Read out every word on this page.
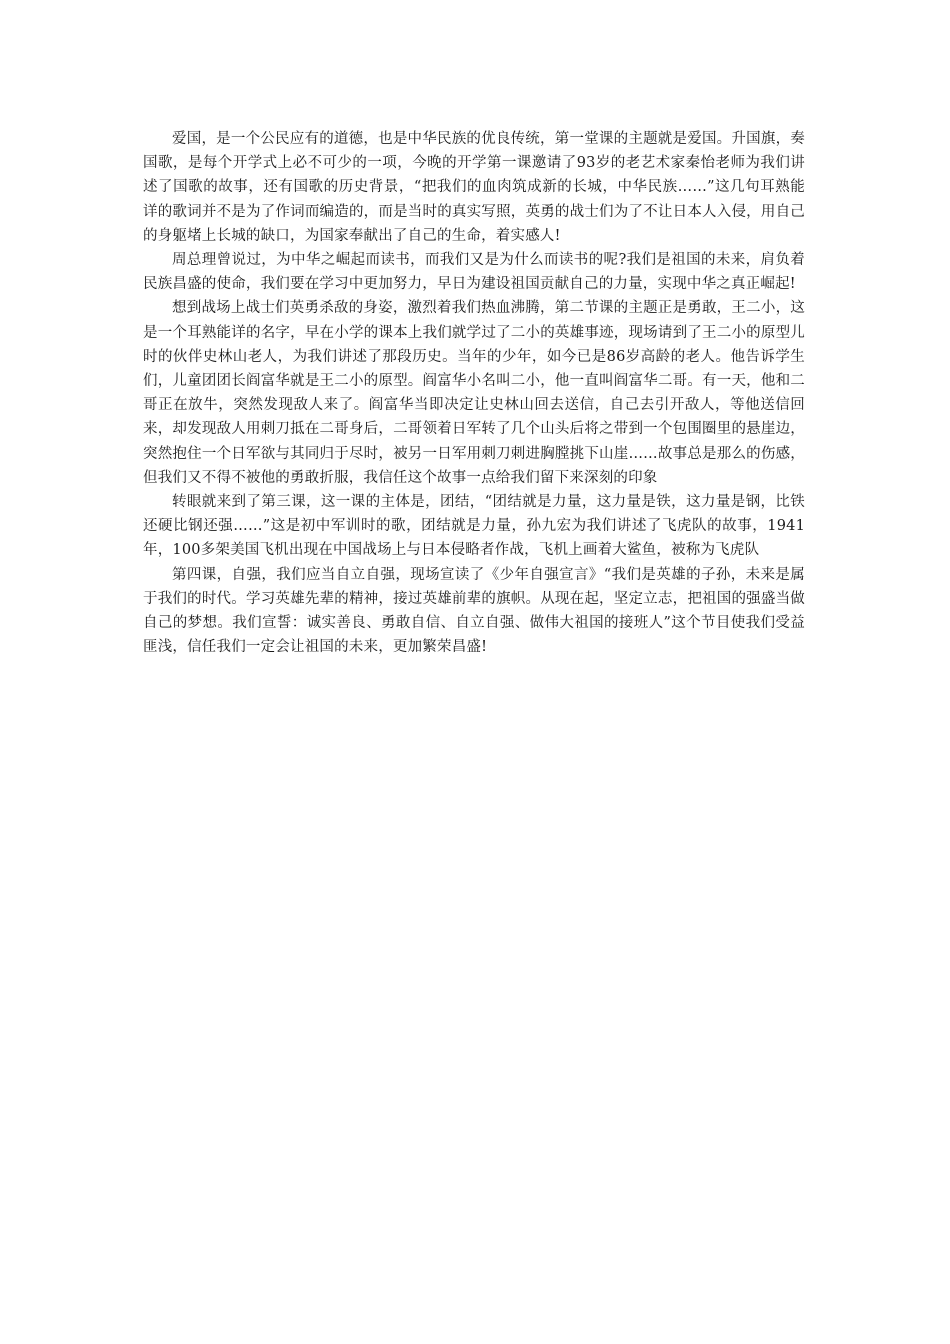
爱国，是一个公民应有的道德，也是中华民族的优良传统，第一堂课的主题就是爱国。升国旗，奏国歌，是每个开学式上必不可少的一项，今晚的开学第一课邀请了93岁的老艺术家秦怡老师为我们讲述了国歌的故事，还有国歌的历史背景，“把我们的血肉筑成新的长城，中华民族……”这几句耳熟能详的歌词并不是为了作词而编造的，而是当时的真实写照，英勇的战士们为了不让日本人入侵，用自己的身躯堵上长城的缺口，为国家奉献出了自己的生命，着实感人!

周总理曾说过，为中华之崛起而读书，而我们又是为什么而读书的呢?我们是祖国的未来，肩负着民族昌盛的使命，我们要在学习中更加努力，早日为建设祖国贡献自己的力量，实现中华之真正崛起!

想到战场上战士们英勇杀敌的身姿，激烈着我们热血沸腾，第二节课的主题正是勇敢，王二小，这是一个耳熟能详的名字，早在小学的课本上我们就学过了二小的英雄事迹，现场请到了王二小的原型儿时的伙伴史林山老人，为我们讲述了那段历史。当年的少年，如今已是86岁高龄的老人。他告诉学生们，儿童团团长阎富华就是王二小的原型。阎富华小名叫二小，他一直叫阎富华二哥。有一天，他和二哥正在放牛，突然发现敌人来了。阎富华当即决定让史林山回去送信，自己去引开敌人，等他送信回来，却发现敌人用刺刀抵在二哥身后，二哥领着日军转了几个山头后将之带到一个包围圈里的悬崖边，突然抱住一个日军欲与其同归于尽时，被另一日军用刺刀刺进胸膛挑下山崖……故事总是那么的伤感，但我们又不得不被他的勇敢折服，我信任这个故事一点给我们留下来深刻的印象

转眼就来到了第三课，这一课的主体是，团结，“团结就是力量，这力量是铁，这力量是钢，比铁还硬比钢还强……”这是初中军训时的歌，团结就是力量，孙九宏为我们讲述了飞虎队的故事，1941年，100多架美国飞机出现在中国战场上与日本侵略者作战，飞机上画着大鲨鱼，被称为飞虎队

第四课，自强，我们应当自立自强，现场宣读了《少年自强宣言》“我们是英雄的子孙，未来是属于我们的时代。学习英雄先辈的精神，接过英雄前辈的旗帜。从现在起，坚定立志，把祖国的强盛当做自己的梦想。我们宣誓：诚实善良、勇敢自信、自立自强、做伟大祖国的接班人”这个节目使我们受益匪浅，信任我们一定会让祖国的未来，更加繁荣昌盛!
